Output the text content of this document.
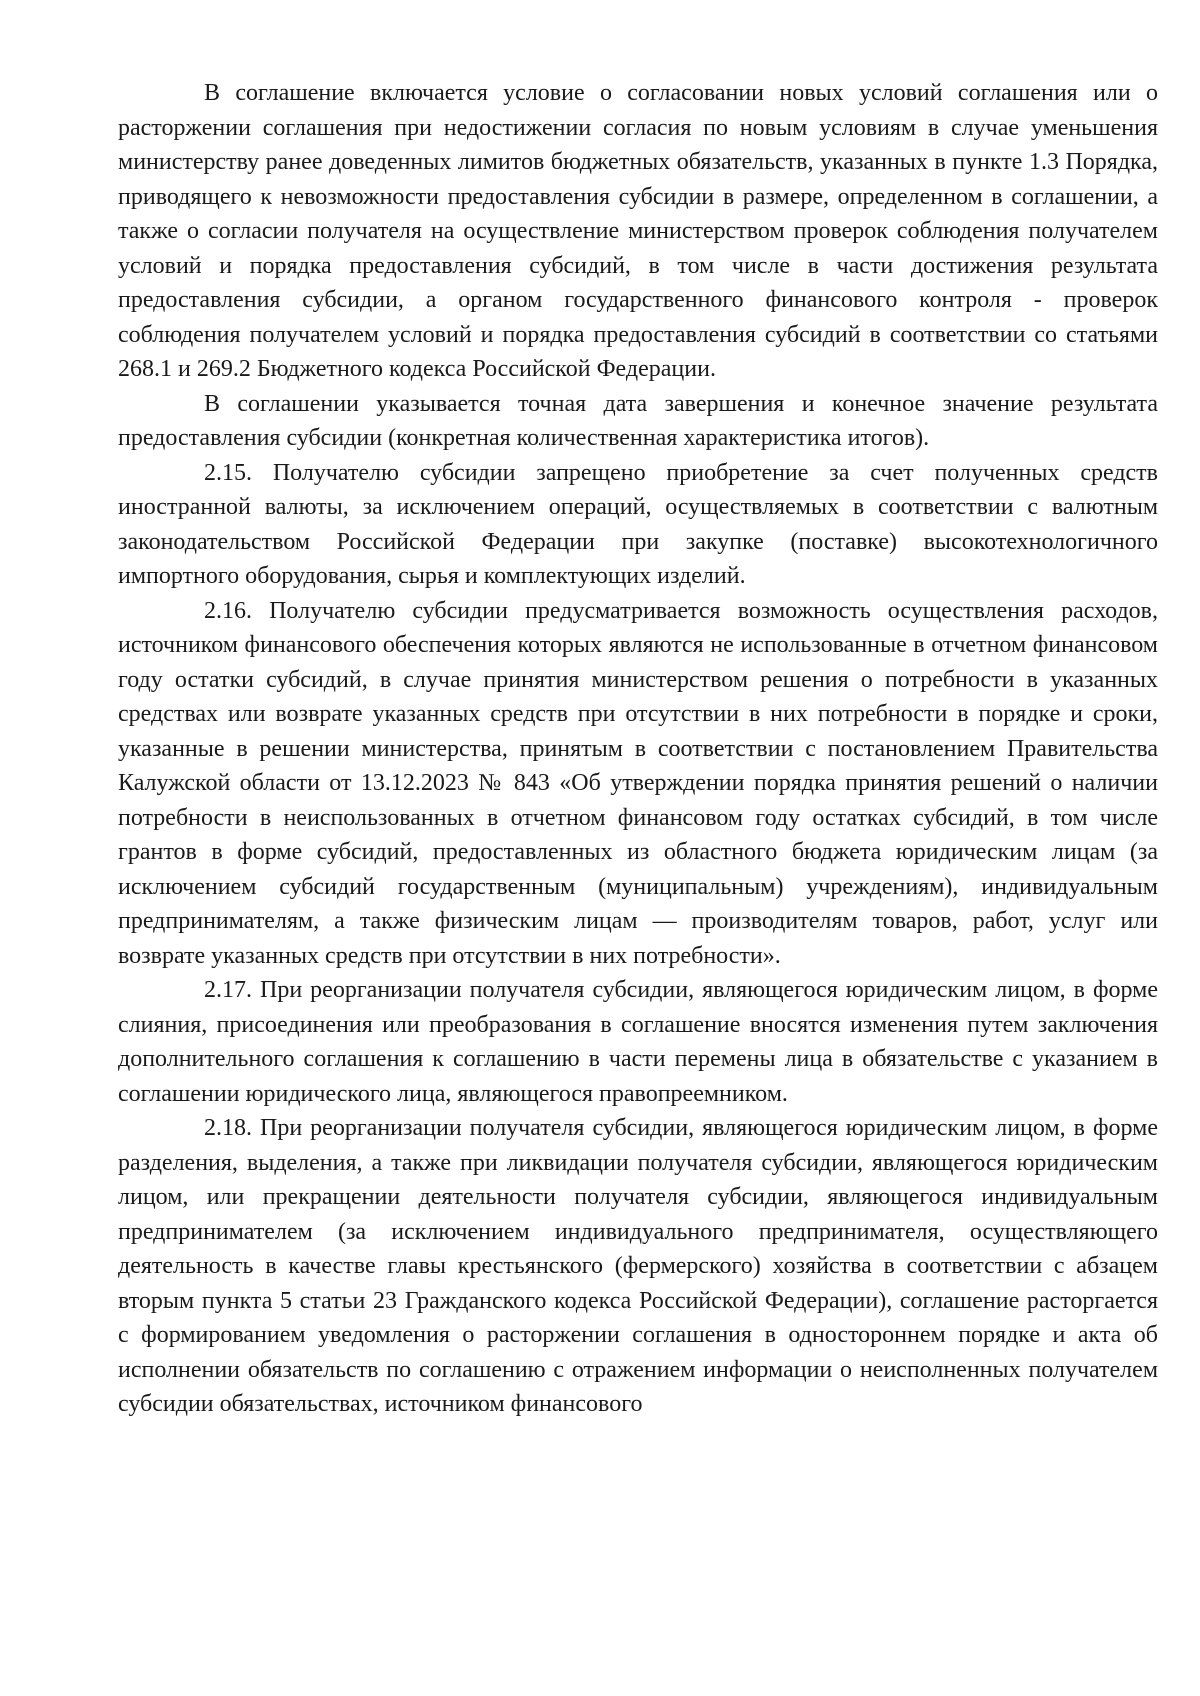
В соглашение включается условие о согласовании новых условий соглашения или о расторжении соглашения при недостижении согласия по новым условиям в случае уменьшения министерству ранее доведенных лимитов бюджетных обязательств, указанных в пункте 1.3 Порядка, приводящего к невозможности предоставления субсидии в размере, определенном в соглашении, а также о согласии получателя на осуществление министерством проверок соблюдения получателем условий и порядка предоставления субсидий, в том числе в части достижения результата предоставления субсидии, а органом государственного финансового контроля - проверок соблюдения получателем условий и порядка предоставления субсидий в соответствии со статьями 268.1 и 269.2 Бюджетного кодекса Российской Федерации.

В соглашении указывается точная дата завершения и конечное значение результата предоставления субсидии (конкретная количественная характеристика итогов).

2.15. Получателю субсидии запрещено приобретение за счет полученных средств иностранной валюты, за исключением операций, осуществляемых в соответствии с валютным законодательством Российской Федерации при закупке (поставке) высокотехнологичного импортного оборудования, сырья и комплектующих изделий.

2.16. Получателю субсидии предусматривается возможность осуществления расходов, источником финансового обеспечения которых являются не использованные в отчетном финансовом году остатки субсидий, в случае принятия министерством решения о потребности в указанных средствах или возврате указанных средств при отсутствии в них потребности в порядке и сроки, указанные в решении министерства, принятым в соответствии с постановлением Правительства Калужской области от 13.12.2023 № 843 «Об утверждении порядка принятия решений о наличии потребности в неиспользованных в отчетном финансовом году остатках субсидий, в том числе грантов в форме субсидий, предоставленных из областного бюджета юридическим лицам (за исключением субсидий государственным (муниципальным) учреждениям), индивидуальным предпринимателям, а также физическим лицам — производителям товаров, работ, услуг или возврате указанных средств при отсутствии в них потребности».

2.17. При реорганизации получателя субсидии, являющегося юридическим лицом, в форме слияния, присоединения или преобразования в соглашение вносятся изменения путем заключения дополнительного соглашения к соглашению в части перемены лица в обязательстве с указанием в соглашении юридического лица, являющегося правопреемником.

2.18. При реорганизации получателя субсидии, являющегося юридическим лицом, в форме разделения, выделения, а также при ликвидации получателя субсидии, являющегося юридическим лицом, или прекращении деятельности получателя субсидии, являющегося индивидуальным предпринимателем (за исключением индивидуального предпринимателя, осуществляющего деятельность в качестве главы крестьянского (фермерского) хозяйства в соответствии с абзацем вторым пункта 5 статьи 23 Гражданского кодекса Российской Федерации), соглашение расторгается с формированием уведомления о расторжении соглашения в одностороннем порядке и акта об исполнении обязательств по соглашению с отражением информации о неисполненных получателем субсидии обязательствах, источником финансового
